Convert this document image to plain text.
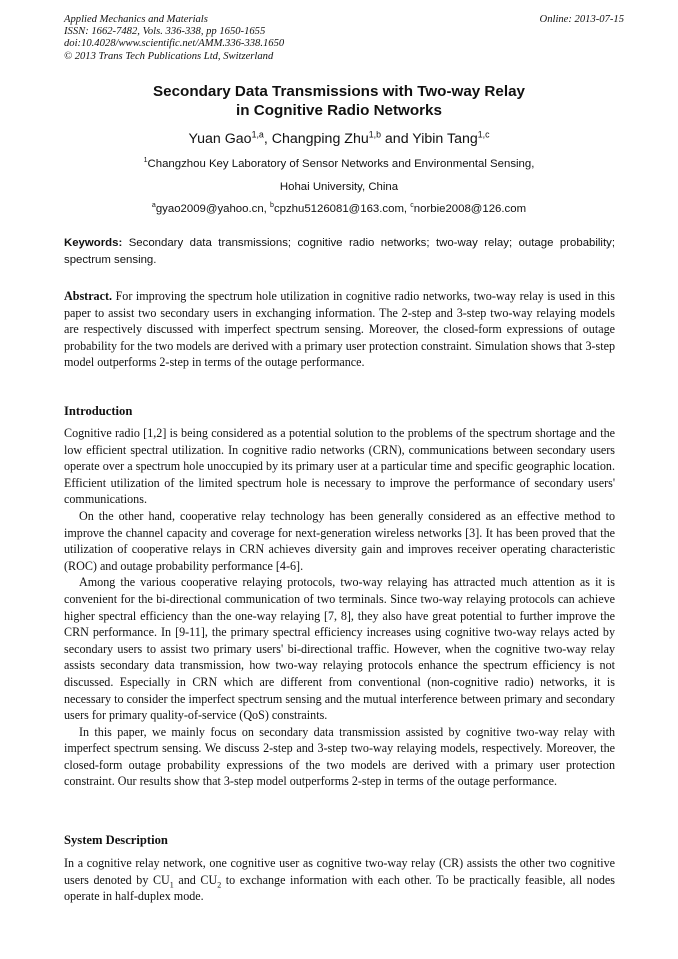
Applied Mechanics and Materials	Online: 2013-07-15
ISSN: 1662-7482, Vols. 336-338, pp 1650-1655
doi:10.4028/www.scientific.net/AMM.336-338.1650
© 2013 Trans Tech Publications Ltd, Switzerland
Secondary Data Transmissions with Two-way Relay
in Cognitive Radio Networks
Yuan Gao$^{1,a}$, Changping Zhu$^{1,b}$ and Yibin Tang$^{1,c}$
$^1$Changzhou Key Laboratory of Sensor Networks and Environmental Sensing,
Hohai University, China
$^a$gyao2009@yahoo.cn, $^b$cpzhu5126081@163.com, $^c$norbie2008@126.com
Keywords: Secondary data transmissions; cognitive radio networks; two-way relay; outage probability; spectrum sensing.
Abstract. For improving the spectrum hole utilization in cognitive radio networks, two-way relay is used in this paper to assist two secondary users in exchanging information. The 2-step and 3-step two-way relaying models are respectively discussed with imperfect spectrum sensing. Moreover, the closed-form expressions of outage probability for the two models are derived with a primary user protection constraint. Simulation shows that 3-step model outperforms 2-step in terms of the outage performance.
Introduction

Cognitive radio [1,2] is being considered as a potential solution to the problems of the spectrum shortage and the low efficient spectral utilization. In cognitive radio networks (CRN), communications between secondary users operate over a spectrum hole unoccupied by its primary user at a particular time and specific geographic location. Efficient utilization of the limited spectrum hole is necessary to improve the performance of secondary users' communications.

On the other hand, cooperative relay technology has been generally considered as an effective method to improve the channel capacity and coverage for next-generation wireless networks [3]. It has been proved that the utilization of cooperative relays in CRN achieves diversity gain and improves receiver operating characteristic (ROC) and outage probability performance [4-6].

Among the various cooperative relaying protocols, two-way relaying has attracted much attention as it is convenient for the bi-directional communication of two terminals. Since two-way relaying protocols can achieve higher spectral efficiency than the one-way relaying [7, 8], they also have great potential to further improve the CRN performance. In [9-11], the primary spectral efficiency increases using cognitive two-way relays acted by secondary users to assist two primary users' bi-directional traffic. However, when the cognitive two-way relay assists secondary data transmission, how two-way relaying protocols enhance the spectrum efficiency is not discussed. Especially in CRN which are different from conventional (non-cognitive radio) networks, it is necessary to consider the imperfect spectrum sensing and the mutual interference between primary and secondary users for primary quality-of-service (QoS) constraints.

In this paper, we mainly focus on secondary data transmission assisted by cognitive two-way relay with imperfect spectrum sensing. We discuss 2-step and 3-step two-way relaying models, respectively. Moreover, the closed-form outage probability expressions of the two models are derived with a primary user protection constraint. Our results show that 3-step model outperforms 2-step in terms of the outage performance.

System Description

In a cognitive relay network, one cognitive user as cognitive two-way relay (CR) assists the other two cognitive users denoted by $CU_1$ and $CU_2$ to exchange information with each other. To be practically feasible, all nodes operate in half-duplex mode.
